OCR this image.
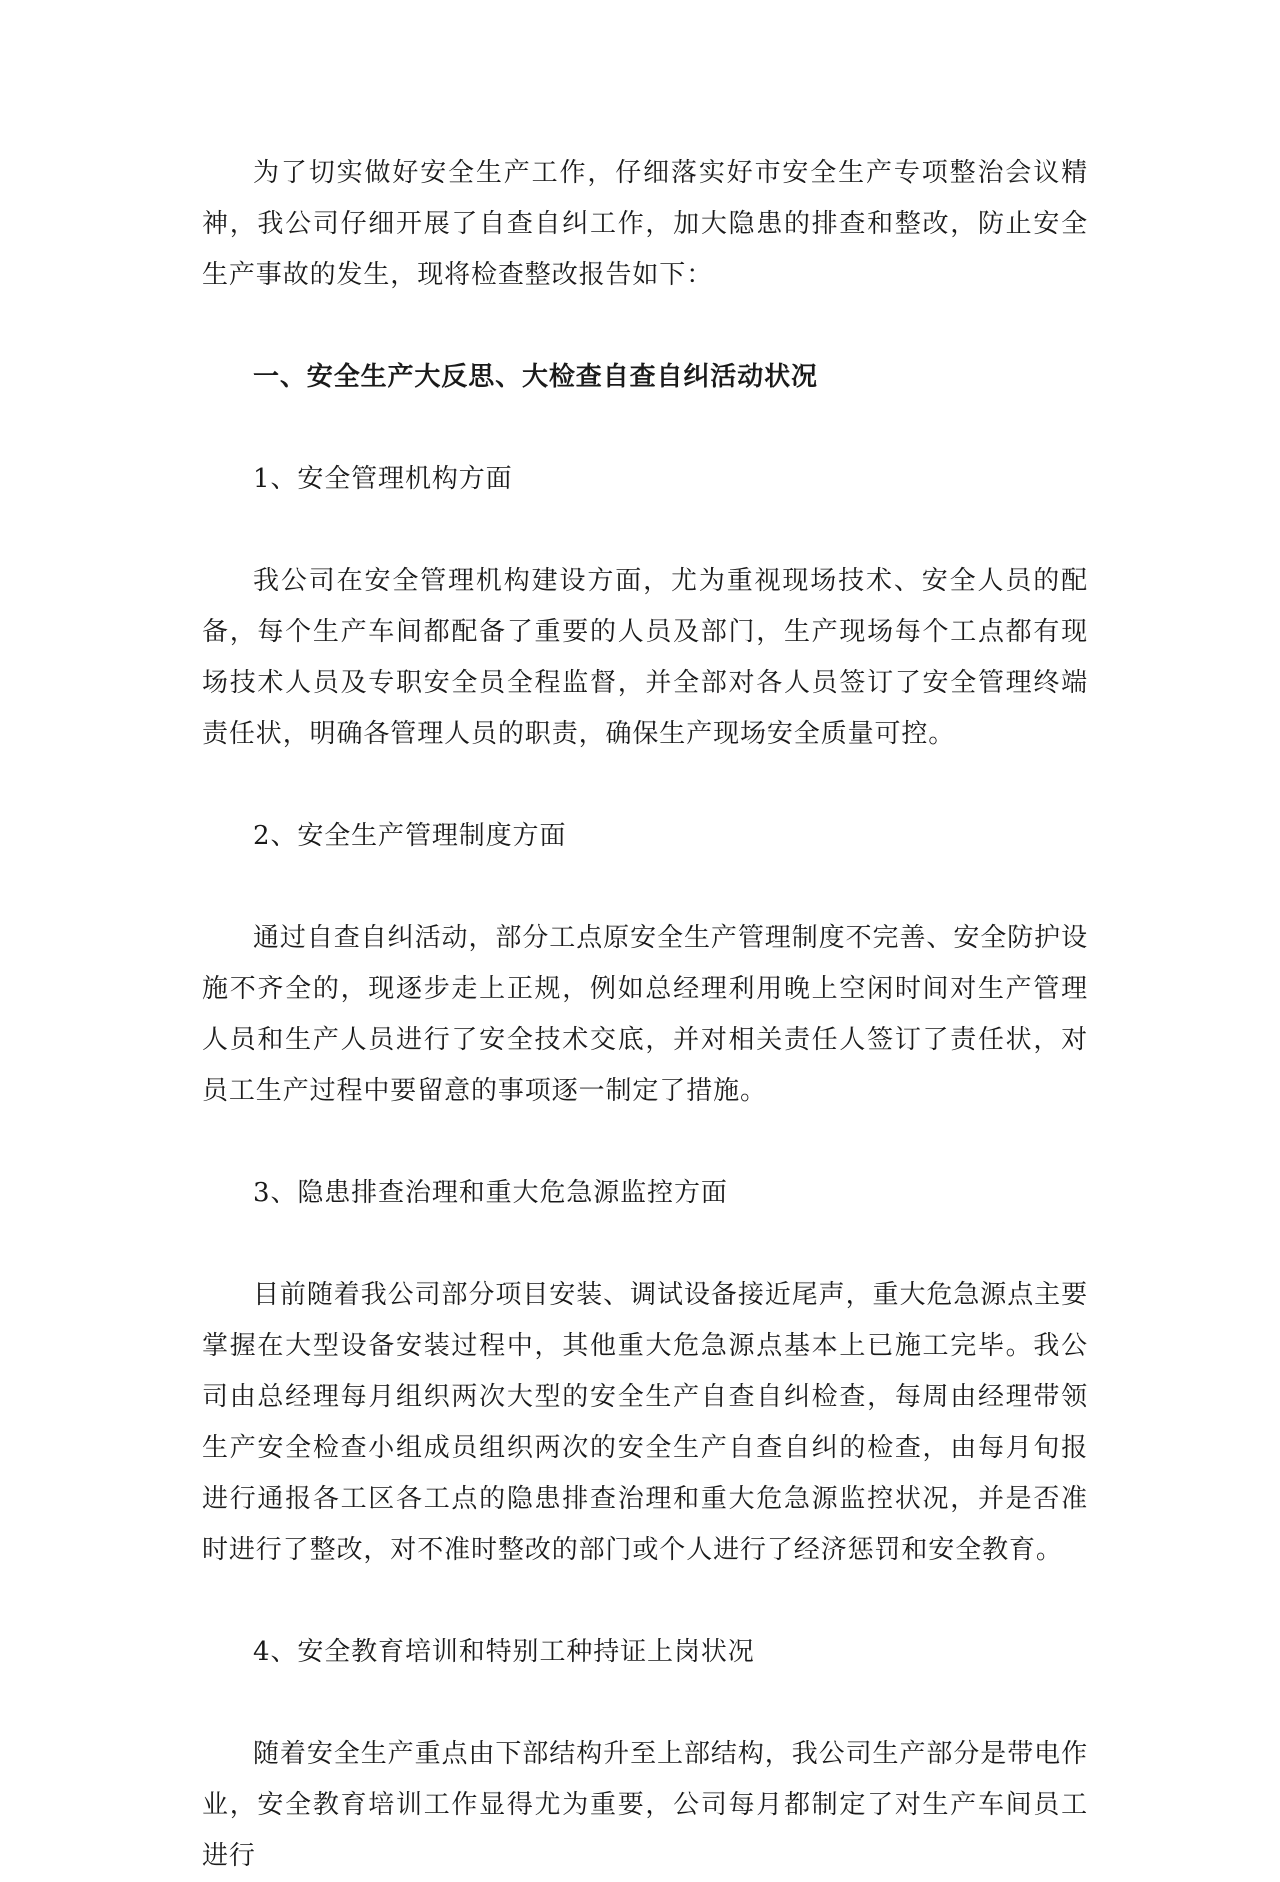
为了切实做好安全生产工作，仔细落实好市安全生产专项整治会议精神，我公司仔细开展了自查自纠工作，加大隐患的排查和整改，防止安全生产事故的发生，现将检查整改报告如下：

一、安全生产大反思、大检查自查自纠活动状况

1、安全管理机构方面

我公司在安全管理机构建设方面，尤为重视现场技术、安全人员的配备，每个生产车间都配备了重要的人员及部门，生产现场每个工点都有现场技术人员及专职安全员全程监督，并全部对各人员签订了安全管理终端责任状，明确各管理人员的职责，确保生产现场安全质量可控。

2、安全生产管理制度方面

通过自查自纠活动，部分工点原安全生产管理制度不完善、安全防护设施不齐全的，现逐步走上正规，例如总经理利用晚上空闲时间对生产管理人员和生产人员进行了安全技术交底，并对相关责任人签订了责任状，对员工生产过程中要留意的事项逐一制定了措施。

3、隐患排查治理和重大危急源监控方面

目前随着我公司部分项目安装、调试设备接近尾声，重大危急源点主要掌握在大型设备安装过程中，其他重大危急源点基本上已施工完毕。我公司由总经理每月组织两次大型的安全生产自查自纠检查，每周由经理带领生产安全检查小组成员组织两次的安全生产自查自纠的检查，由每月旬报进行通报各工区各工点的隐患排查治理和重大危急源监控状况，并是否准时进行了整改，对不准时整改的部门或个人进行了经济惩罚和安全教育。

4、安全教育培训和特别工种持证上岗状况

随着安全生产重点由下部结构升至上部结构，我公司生产部分是带电作业，安全教育培训工作显得尤为重要，公司每月都制定了对生产车间员工进行
